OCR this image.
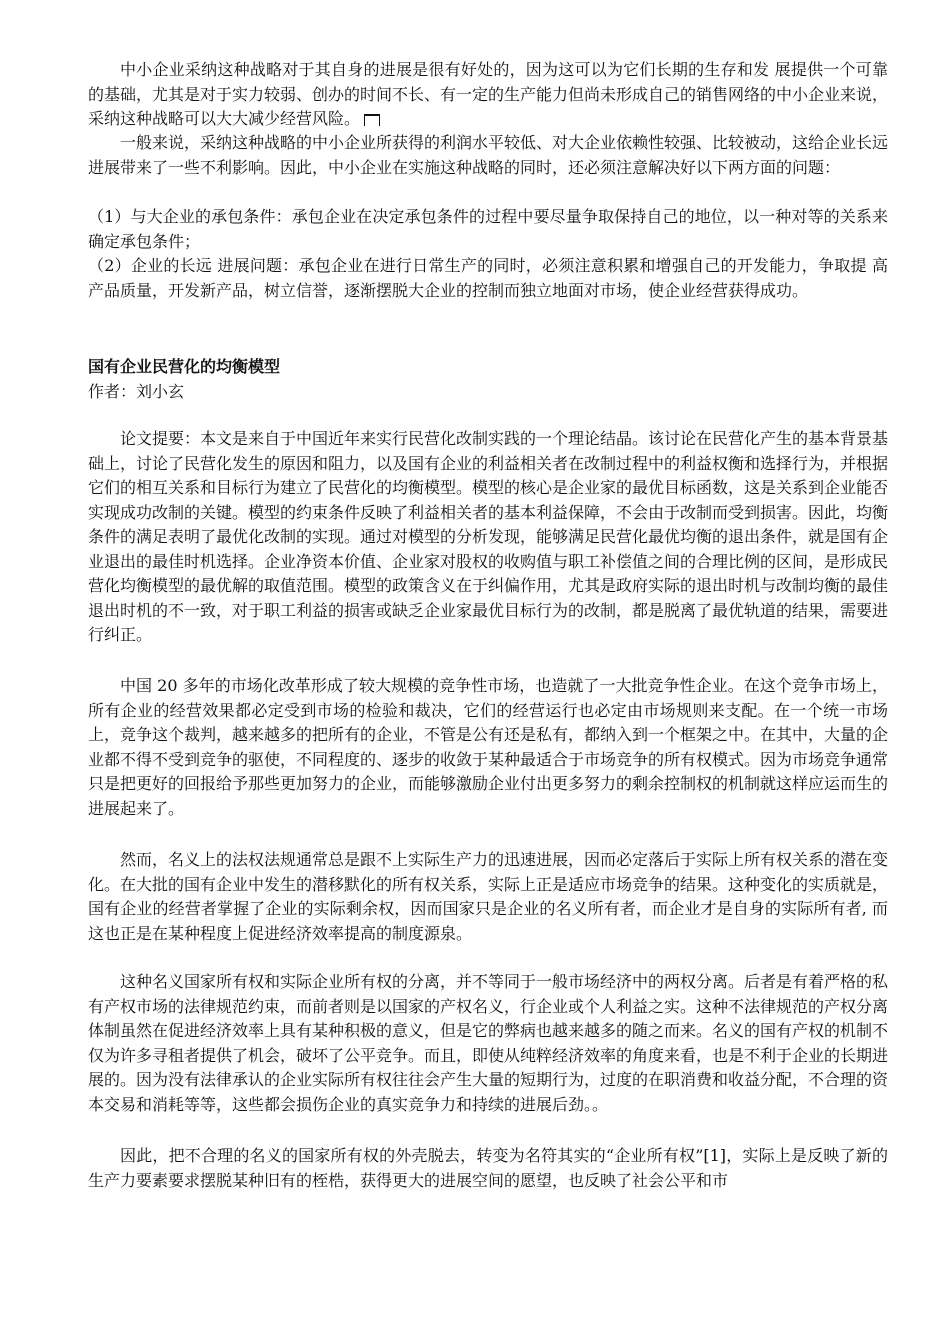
中小企业采纳这种战略对于其自身的进展是很有好处的，因为这可以为它们长期的生存和发 展提供一个可靠的基础，尤其是对于实力较弱、创办的时间不长、有一定的生产能力但尚未形成自己的销售网络的中小企业来说，采纳这种战略可以大大减少经营风险。

一般来说，采纳这种战略的中小企业所获得的利润水平较低、对大企业依赖性较强、比较被动，这给企业长远进展带来了一些不利影响。因此，中小企业在实施这种战略的同时，还必须注意解决好以下两方面的问题：

（1）与大企业的承包条件：承包企业在决定承包条件的过程中要尽量争取保持自己的地位，以一种对等的关系来确定承包条件；

（2）企业的长远 进展问题：承包企业在进行日常生产的同时，必须注意积累和增强自己的开发能力，争取提 高产品质量，开发新产品，树立信誉，逐渐摆脱大企业的控制而独立地面对市场，使企业经营获得成功。

国有企业民营化的均衡模型

作者：刘小玄

论文提要：本文是来自于中国近年来实行民营化改制实践的一个理论结晶。该讨论在民营化产生的基本背景基础上，讨论了民营化发生的原因和阻力，以及国有企业的利益相关者在改制过程中的利益权衡和选择行为，并根据它们的相互关系和目标行为建立了民营化的均衡模型。模型的核心是企业家的最优目标函数，这是关系到企业能否实现成功改制的关键。模型的约束条件反映了利益相关者的基本利益保障，不会由于改制而受到损害。因此，均衡条件的满足表明了最优化改制的实现。通过对模型的分析发现，能够满足民营化最优均衡的退出条件，就是国有企业退出的最佳时机选择。企业净资本价值、企业家对股权的收购值与职工补偿值之间的合理比例的区间，是形成民营化均衡模型的最优解的取值范围。模型的政策含义在于纠偏作用，尤其是政府实际的退出时机与改制均衡的最佳退出时机的不一致，对于职工利益的损害或缺乏企业家最优目标行为的改制，都是脱离了最优轨道的结果，需要进行纠正。

中国 20 多年的市场化改革形成了较大规模的竞争性市场，也造就了一大批竞争性企业。在这个竞争市场上，所有企业的经营效果都必定受到市场的检验和裁决，它们的经营运行也必定由市场规则来支配。在一个统一市场上，竞争这个裁判，越来越多的把所有的企业，不管是公有还是私有，都纳入到一个框架之中。在其中，大量的企业都不得不受到竞争的驱使，不同程度的、逐步的收敛于某种最适合于市场竞争的所有权模式。因为市场竞争通常只是把更好的回报给予那些更加努力的企业，而能够激励企业付出更多努力的剩余控制权的机制就这样应运而生的进展起来了。

然而，名义上的法权法规通常总是跟不上实际生产力的迅速进展，因而必定落后于实际上所有权关系的潜在变化。在大批的国有企业中发生的潜移默化的所有权关系，实际上正是适应市场竞争的结果。这种变化的实质就是，国有企业的经营者掌握了企业的实际剩余权，因而国家只是企业的名义所有者，而企业才是自身的实际所有者, 而这也正是在某种程度上促进经济效率提高的制度源泉。

这种名义国家所有权和实际企业所有权的分离，并不等同于一般市场经济中的两权分离。后者是有着严格的私有产权市场的法律规范约束，而前者则是以国家的产权名义，行企业或个人利益之实。这种不法律规范的产权分离体制虽然在促进经济效率上具有某种积极的意义，但是它的弊病也越来越多的随之而来。名义的国有产权的机制不仅为许多寻租者提供了机会，破坏了公平竞争。而且，即使从纯粹经济效率的角度来看，也是不利于企业的长期进展的。因为没有法律承认的企业实际所有权往往会产生大量的短期行为，过度的在职消费和收益分配，不合理的资本交易和消耗等等，这些都会损伤企业的真实竞争力和持续的进展后劲。。

因此，把不合理的名义的国家所有权的外壳脱去，转变为名符其实的“企业所有权”[1]，实际上是反映了新的生产力要素要求摆脱某种旧有的桎梏，获得更大的进展空间的愿望，也反映了社会公平和市
